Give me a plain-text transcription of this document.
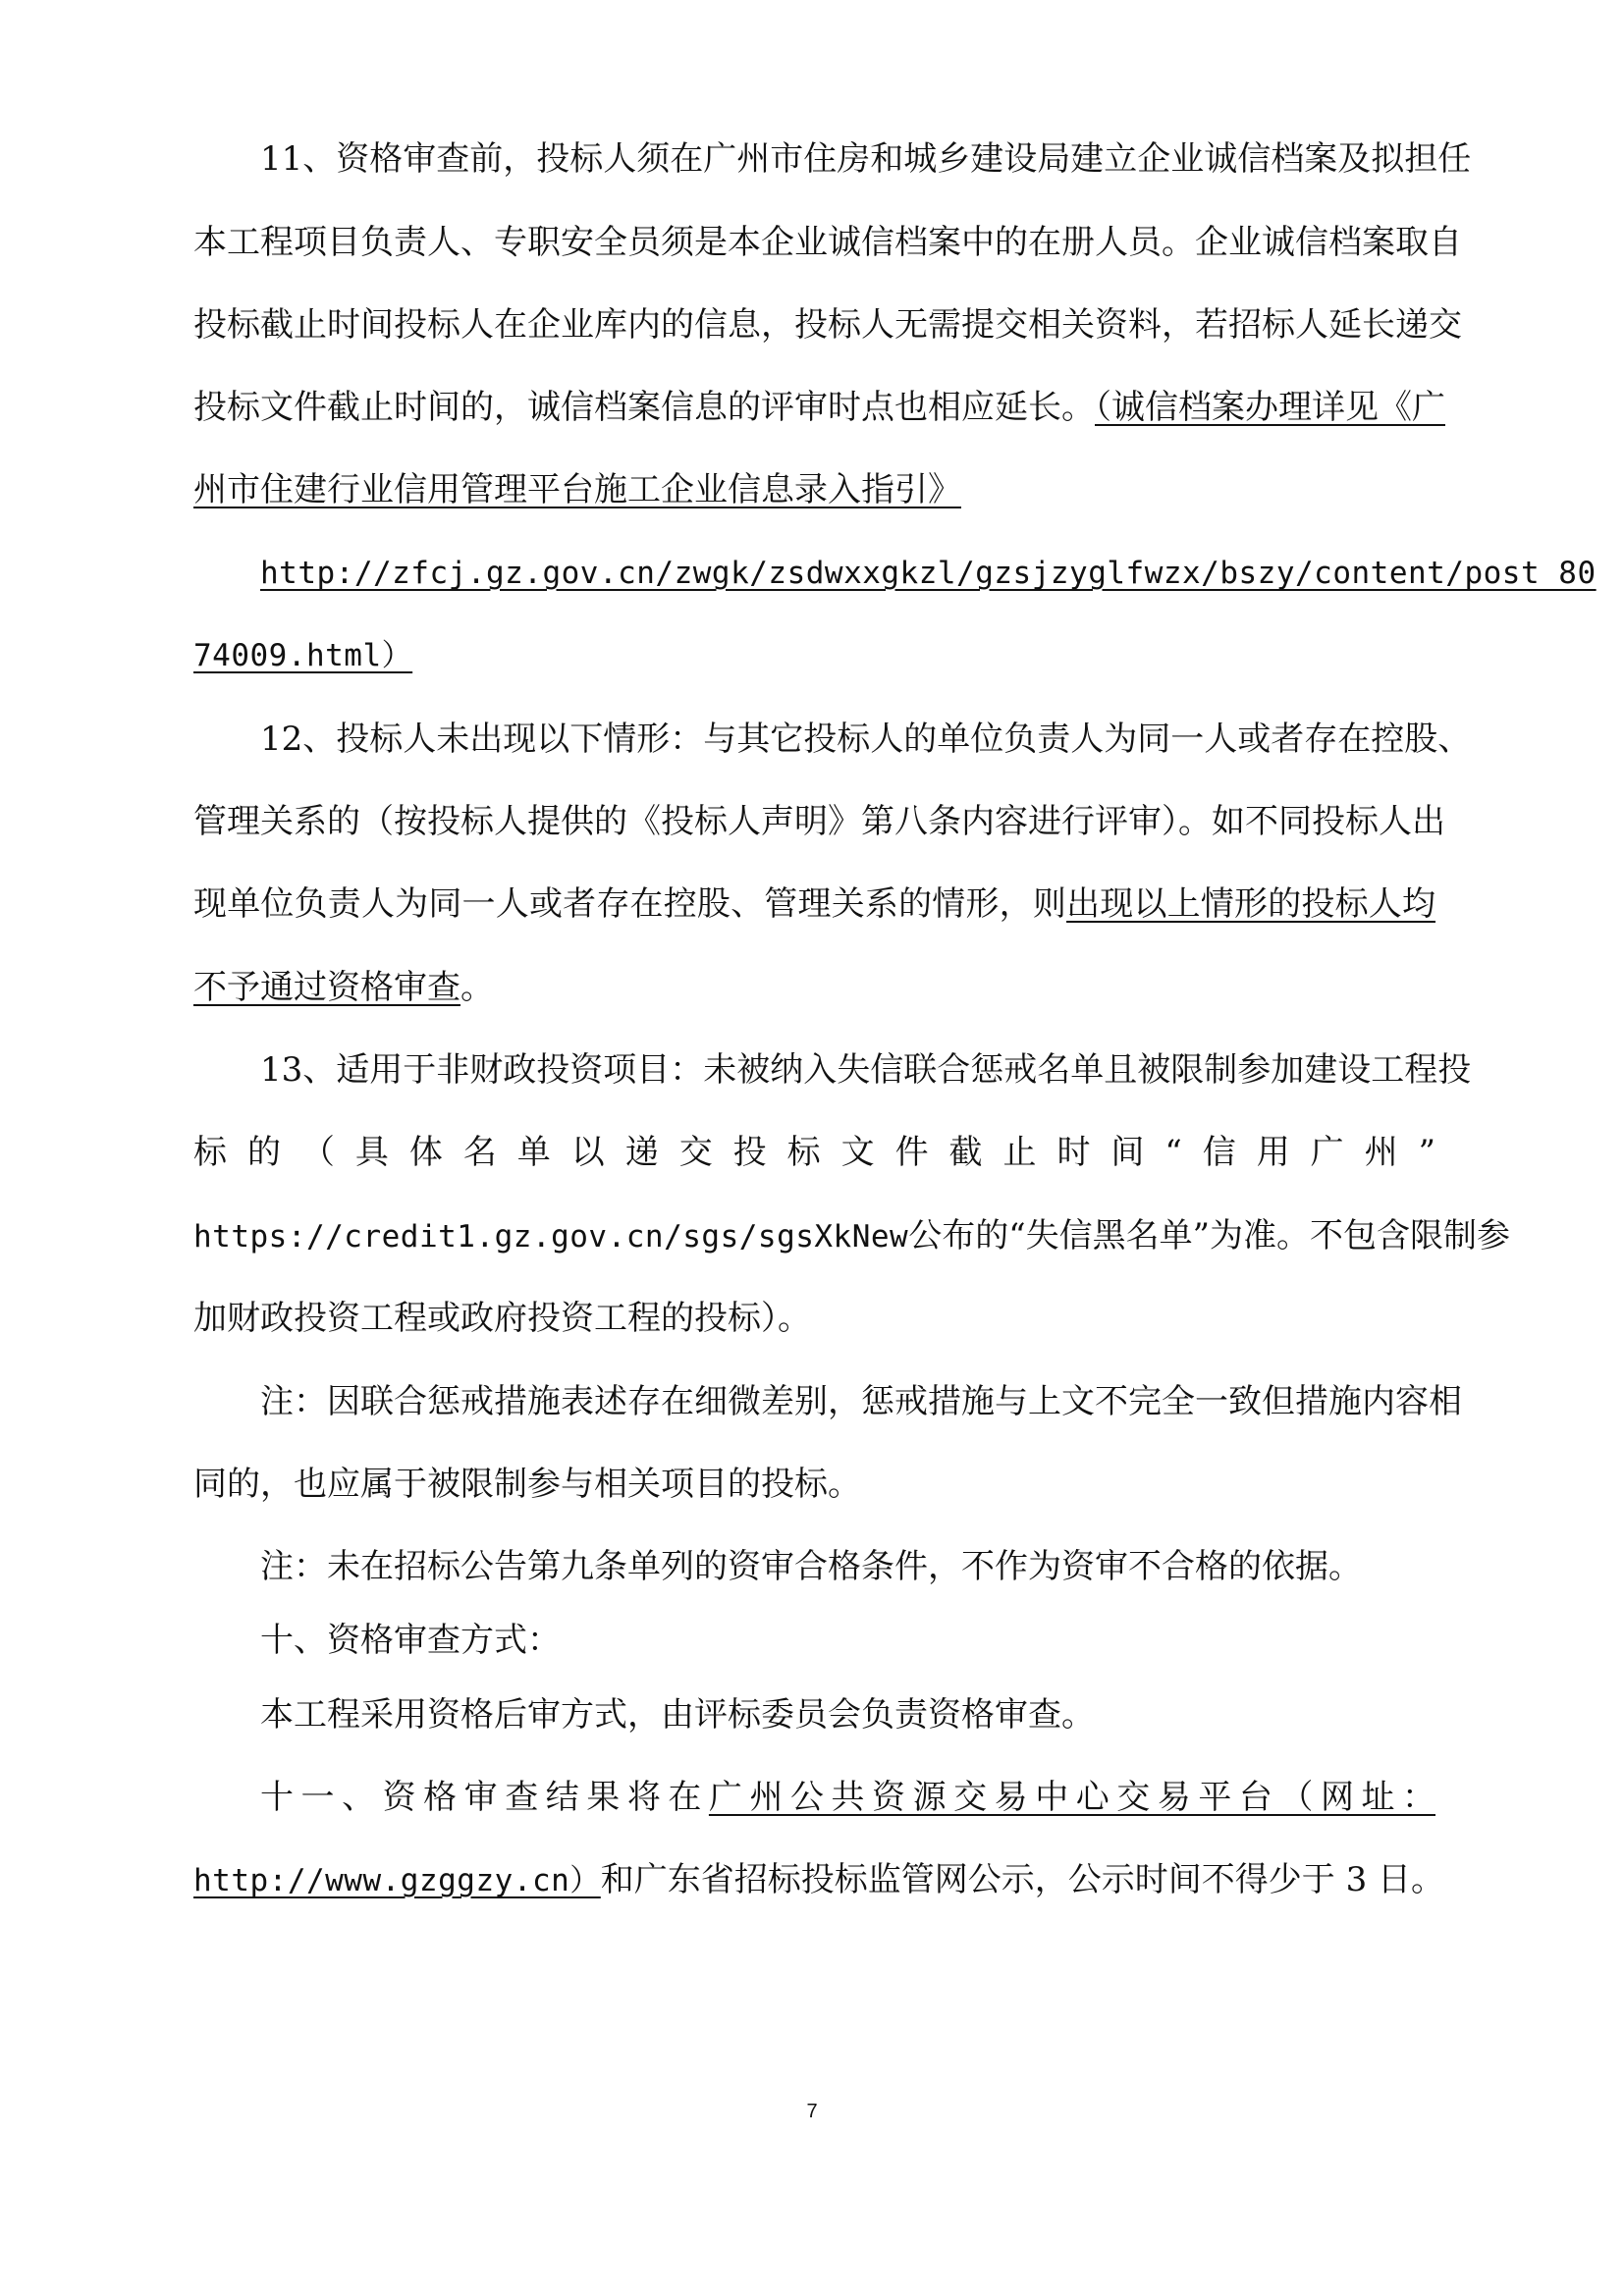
11、资格审查前，投标人须在广州市住房和城乡建设局建立企业诚信档案及拟担任
本工程项目负责人、专职安全员须是本企业诚信档案中的在册人员。企业诚信档案取自
投标截止时间投标人在企业库内的信息，投标人无需提交相关资料，若招标人延长递交
投标文件截止时间的，诚信档案信息的评审时点也相应延长。（诚信档案办理详见《广
州市住建行业信用管理平台施工企业信息录入指引》
http://zfcj.gz.gov.cn/zwgk/zsdwxxgkzl/gzsjzyglfwzx/bszy/content/post_80
74009.html）
12、投标人未出现以下情形：与其它投标人的单位负责人为同一人或者存在控股、
管理关系的（按投标人提供的《投标人声明》第八条内容进行评审）。如不同投标人出
现单位负责人为同一人或者存在控股、管理关系的情形，则出现以上情形的投标人均
不予通过资格审查。
13、适用于非财政投资项目：未被纳入失信联合惩戒名单且被限制参加建设工程投
标的（具体名单以递交投标文件截止时间“信用广州”
https://credit1.gz.gov.cn/sgs/sgsXkNew公布的“失信黑名单”为准。不包含限制参
加财政投资工程或政府投资工程的投标）。
注：因联合惩戒措施表述存在细微差别，惩戒措施与上文不完全一致但措施内容相
同的，也应属于被限制参与相关项目的投标。
注：未在招标公告第九条单列的资审合格条件，不作为资审不合格的依据。
十、资格审查方式：
本工程采用资格后审方式，由评标委员会负责资格审查。
十一、资格审查结果将在广州公共资源交易中心交易平台（网址：
http://www.gzggzy.cn）和广东省招标投标监管网公示，公示时间不得少于 3 日。
7
